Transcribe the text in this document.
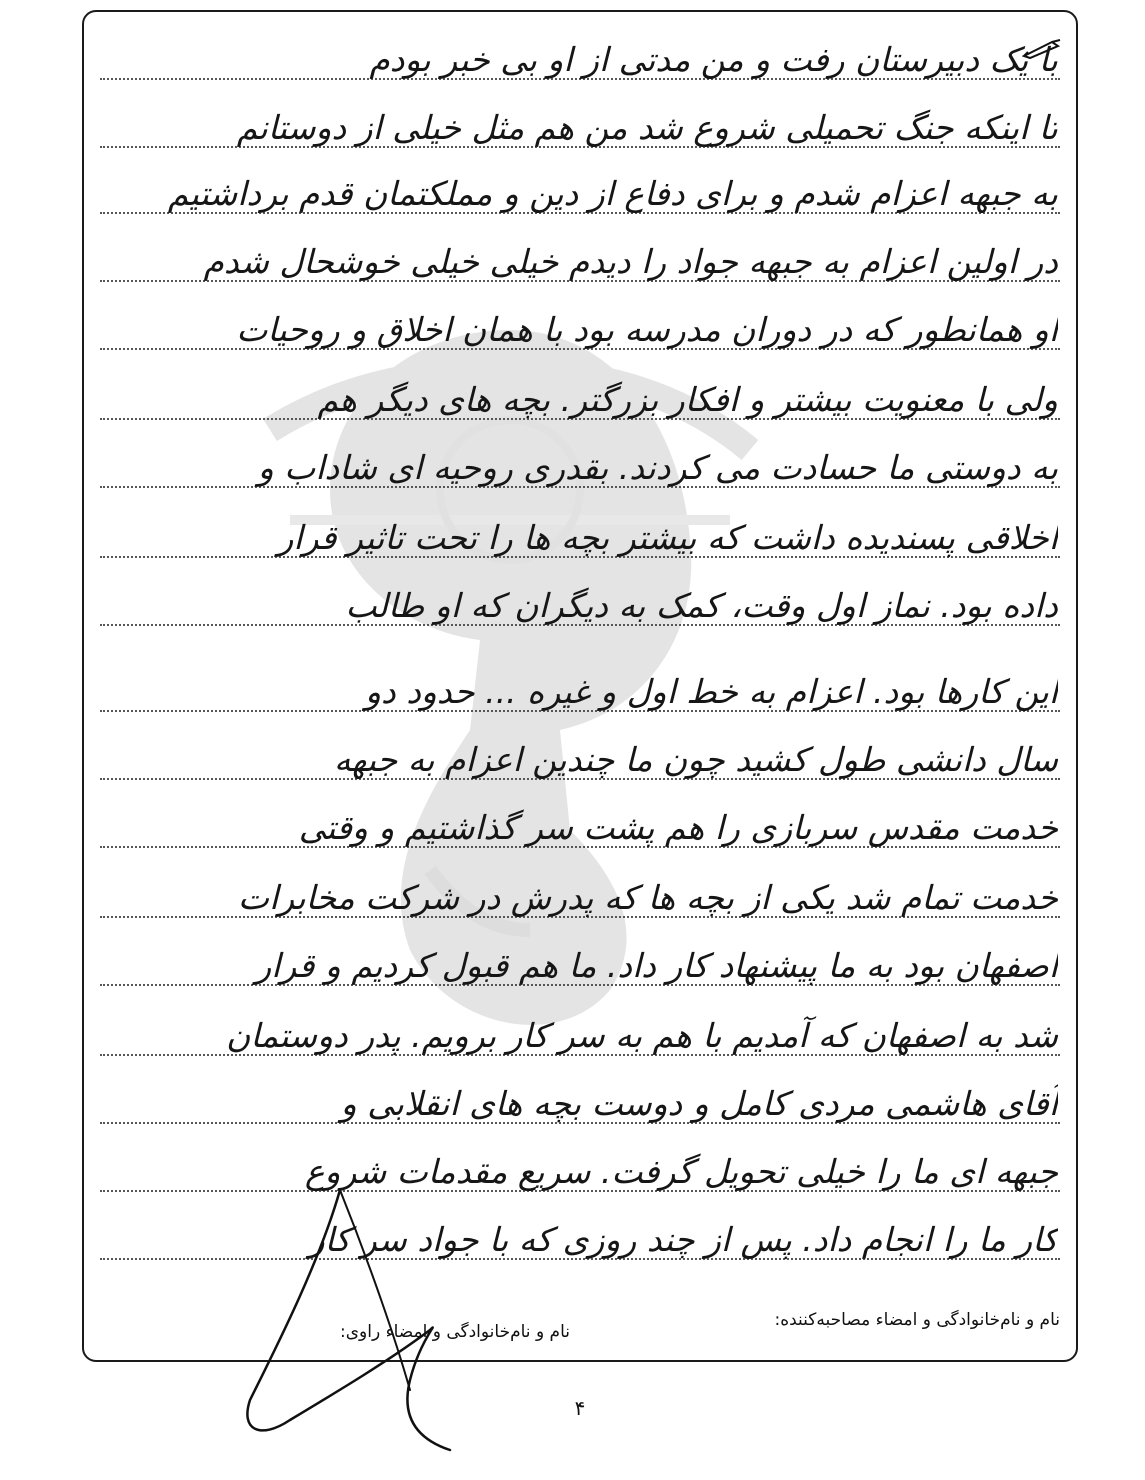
با یک دبیرستان رفت و من مدتی از او بی خبر بودم
تا اینکه جنگ تحمیلی شروع شد من هم مثل خیلی از دوستانم
به جبهه اعزام شدم و برای دفاع از دین و مملکتمان قدم برداشتیم
در اولین اعزام به جبهه جواد را دیدم خیلی خیلی خوشحال شدم
او همانطور که در دوران مدرسه بود با همان اخلاق و روحیات
ولی با معنویت بیشتر و افکار بزرگتر. بچه های دیگر هم
به دوستی ما حسادت می کردند. بقدری روحیه ای شاداب و
اخلاقی پسندیده داشت که بیشتر بچه ها را تحت تاثیر قرار
داده بود. نماز اول وقت، کمک به دیگران که او طالب
این کارها بود. اعزام به خط اول و غیره ... حدود دو
سال دانشی طول کشید چون ما چندین اعزام به جبهه
خدمت مقدس سربازی را هم پشت سر گذاشتیم و وقتی
خدمت تمام شد یکی از بچه ها که پدرش در شرکت مخابرات
اصفهان بود به ما پیشنهاد کار داد. ما هم قبول کردیم و قرار
شد به اصفهان که آمدیم با هم به سر کار برویم. پدر دوستمان
آقای هاشمی مردی کامل و دوست بچه های انقلابی و
جبهه ای ما را خیلی تحویل گرفت. سریع مقدمات شروع
کار ما را انجام داد. پس از چند روزی که با جواد سر کار
نام و نام‌خانوادگی و امضاء مصاحبه‌کننده:
نام و نام‌خانوادگی و امضاء راوی:
۴
